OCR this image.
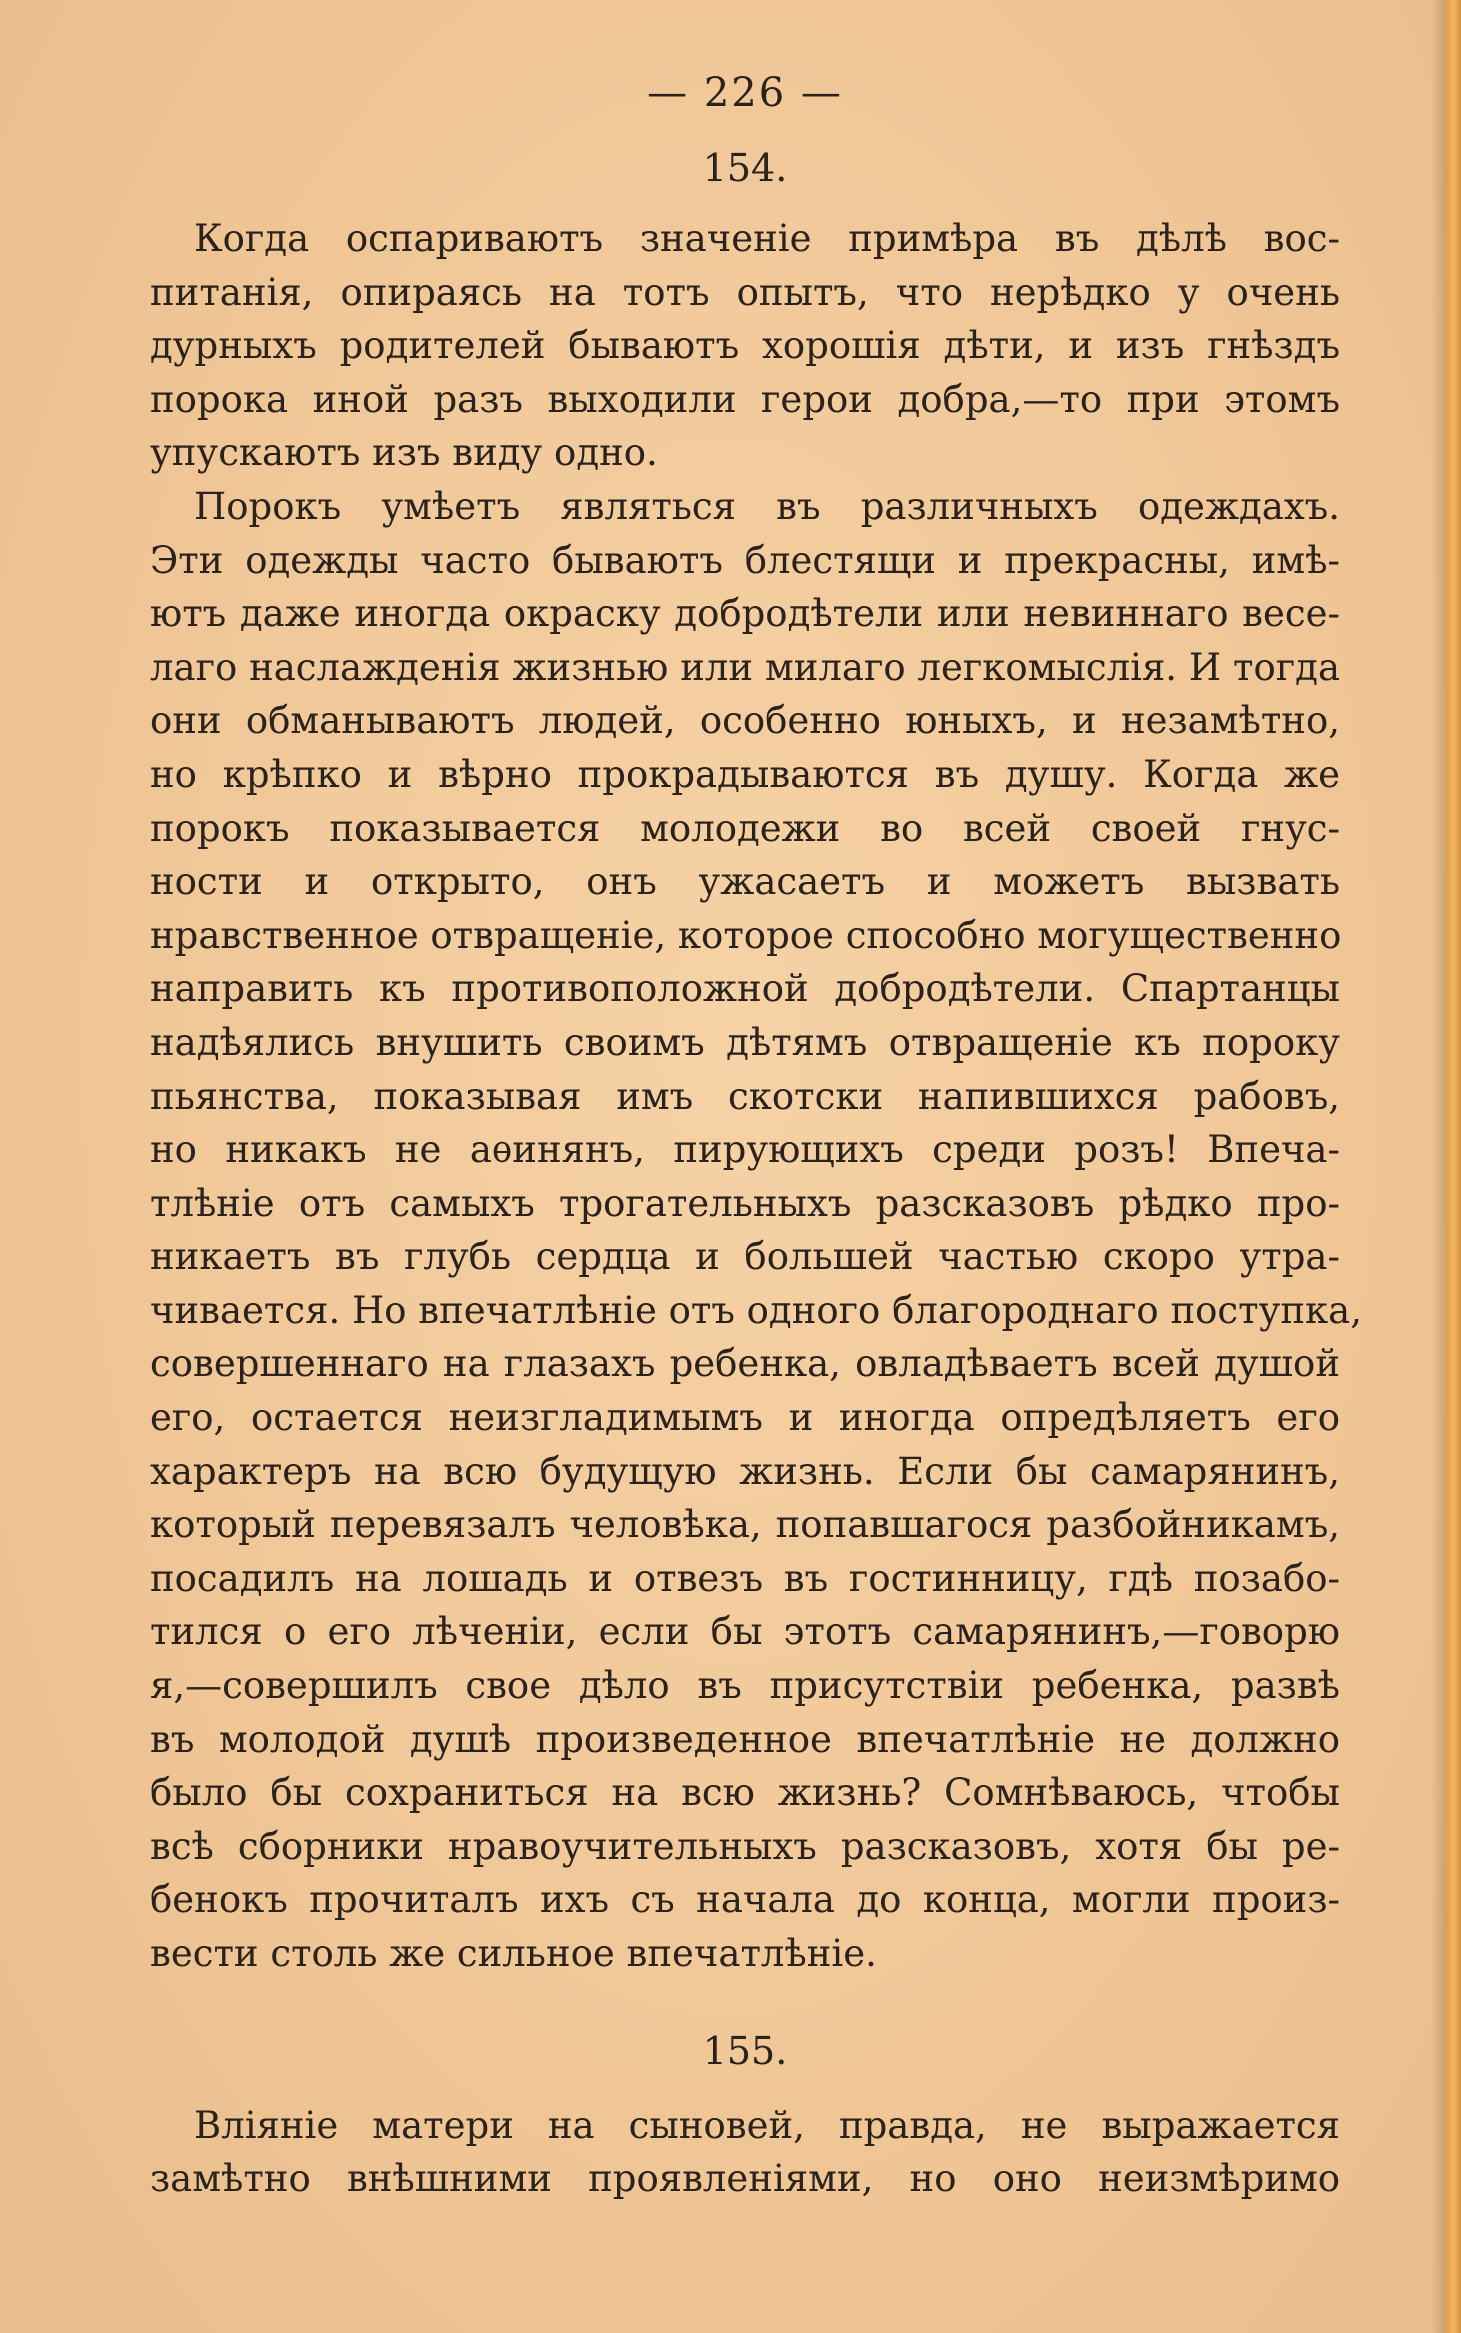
— 226 —
154.
Когда оспариваютъ значенiе примѣра въ дѣлѣ вос-
питанiя, опираясь на тотъ опытъ, что нерѣдко у очень
дурныхъ родителей бываютъ хорошiя дѣти, и изъ гнѣздъ
порока иной разъ выходили герои добра,—то при этомъ
упускаютъ изъ виду одно.
Порокъ умѣетъ являться въ различныхъ одеждахъ.
Эти одежды часто бываютъ блестящи и прекрасны, имѣ-
ютъ даже иногда окраску добродѣтели или невиннаго весе-
лаго наслажденiя жизнью или милаго легкомыслiя. И тогда
они обманываютъ людей, особенно юныхъ, и незамѣтно,
но крѣпко и вѣрно прокрадываются въ душу. Когда же
порокъ показывается молодежи во всей своей гнус-
ности и открыто, онъ ужасаетъ и можетъ вызвать
нравственное отвращенiе, которое способно могущественно
направить къ противоположной добродѣтели. Спартанцы
надѣялись внушить своимъ дѣтямъ отвращенiе къ пороку
пьянства, показывая имъ скотски напившихся рабовъ,
но никакъ не аѳинянъ, пирующихъ среди розъ! Впеча-
тлѣнiе отъ самыхъ трогательныхъ разсказовъ рѣдко про-
никаетъ въ глубь сердца и большей частью скоро утра-
чивается. Но впечатлѣнiе отъ одного благороднаго поступка,
совершеннаго на глазахъ ребенка, овладѣваетъ всей душой
его, остается неизгладимымъ и иногда опредѣляетъ его
характеръ на всю будущую жизнь. Если бы самарянинъ,
который перевязалъ человѣка, попавшагося разбойникамъ,
посадилъ на лошадь и отвезъ въ гостинницу, гдѣ позабо-
тился о его лѣченiи, если бы этотъ самарянинъ,—говорю
я,—совершилъ свое дѣло въ присутствiи ребенка, развѣ
въ молодой душѣ произведенное впечатлѣнiе не должно
было бы сохраниться на всю жизнь? Сомнѣваюсь, чтобы
всѣ сборники нравоучительныхъ разсказовъ, хотя бы ре-
бенокъ прочиталъ ихъ съ начала до конца, могли произ-
вести столь же сильное впечатлѣнiе.
155.
Влiянiе матери на сыновей, правда, не выражается
замѣтно внѣшними проявленiями, но оно неизмѣримо
